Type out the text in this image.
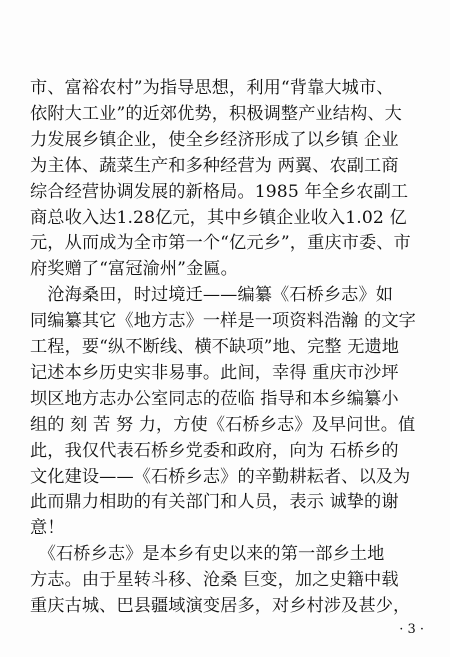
市、富裕农村”为指导思想，利用“背靠大城市、
依附大工业”的近郊优势，积极调整产业结构、大
力发展乡镇企业，使全乡经济形成了以乡镇 企业
为主体、蔬菜生产和多种经营为 两翼、农副工商
综合经营协调发展的新格局。1985 年全乡农副工
商总收入达1.28亿元，其中乡镇企业收入1.02 亿
元，从而成为全市第一个“亿元乡”，重庆市委、市
府奖赠了“富冠渝州”金匾。
　沧海桑田，时过境迁——编纂《石桥乡志》如
同编纂其它《地方志》一样是一项资料浩瀚 的文字
工程，要“纵不断线、横不缺项”地、完整 无遗地
记述本乡历史实非易事。此间，幸得 重庆市沙坪
坝区地方志办公室同志的莅临 指导和本乡编纂小
组的 刻 苦 努 力，方使《石桥乡志》及早问世。值
此，我仅代表石桥乡党委和政府，向为 石桥乡的
文化建设——《石桥乡志》的辛勤耕耘者、以及为
此而鼎力相助的有关部门和人员，表示 诚挚的谢
意！
　《石桥乡志》是本乡有史以来的第一部乡土地
方志。由于星转斗移、沧桑 巨变，加之史籍中载
重庆古城、巴县疆域演变居多，对乡村涉及甚少，
· 3 ·
